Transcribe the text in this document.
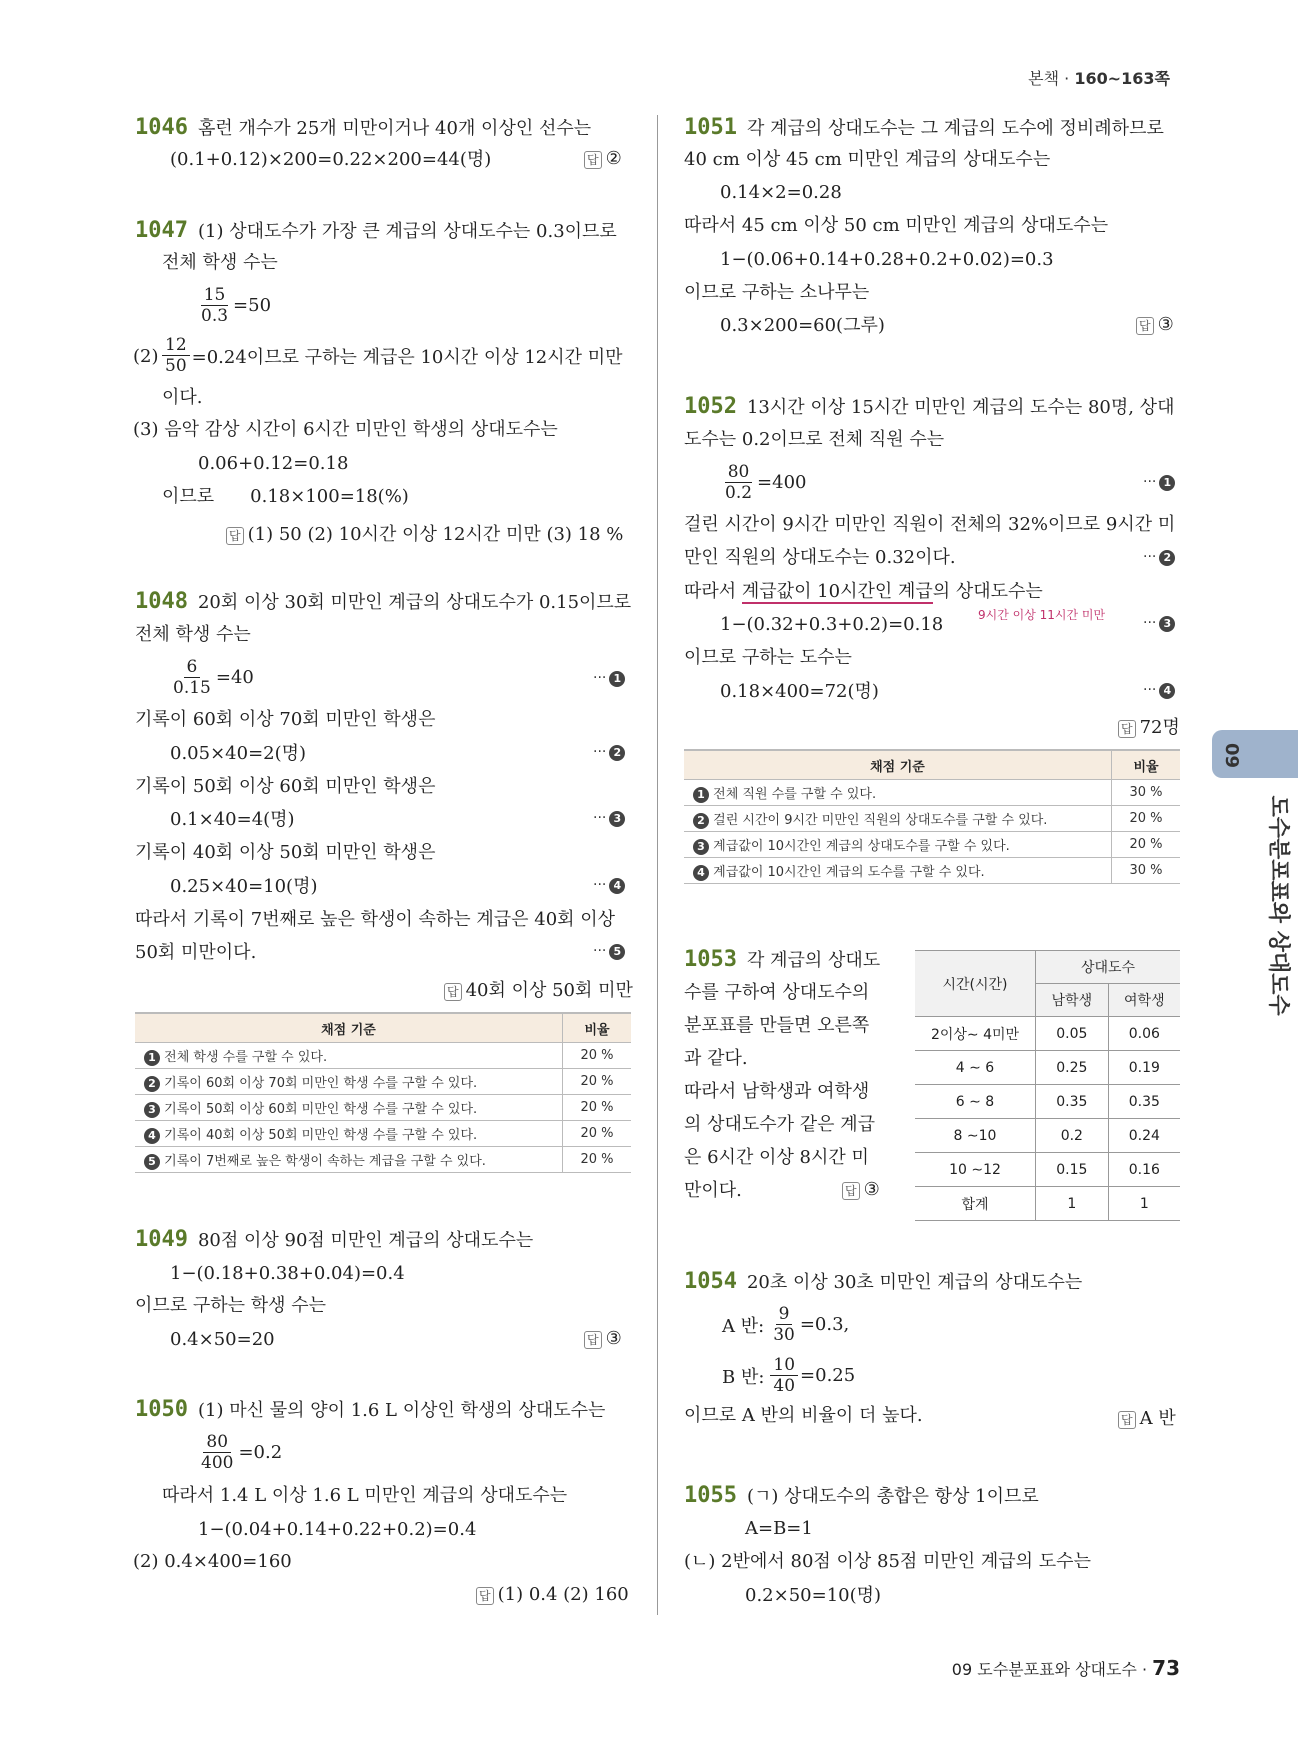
본책 · 160∼163쪽
1046 홈런 개수가 25개 미만이거나 40개 이상인 선수는
(0.1+0.12)×200=0.22×200=44(명)	답 ②
1047 (1) 상대도수가 가장 큰 계급의 상대도수는 0.3이므로
전체 학생 수는
$\frac{15}{0.3} =50$
$(2) \frac{12}{50} =0.24$이므로 구하는 계급은 10시간 이상 12시간 미만
이다.
(3) 음악 감상 시간이 6시간 미만인 학생의 상대도수는
0.06+0.12=0.18
이므로 0.18×100=18(%)
답 (1) 50 (2) 10시간 이상 12시간 미만 (3) 18 %
1048 20회 이상 30회 미만인 계급의 상대도수가 0.15이므로
전체 학생 수는
$\frac{6}{0.15} =40$	··· 1
기록이 60회 이상 70회 미만인 학생은
0.05×40=2(명)	··· 2
기록이 50회 이상 60회 미만인 학생은
0.1×40=4(명)	··· 3
기록이 40회 이상 50회 미만인 학생은
0.25×40=10(명)	··· 4
따라서 기록이 7번째로 높은 학생이 속하는 계급은 40회 이상
50회 미만이다.	··· 5
답 40회 이상 50회 미만
채점 기준	비율
1 전체 학생 수를 구할 수 있다.	20 %
2 기록이 60회 이상 70회 미만인 학생 수를 구할 수 있다.	20 %
3 기록이 50회 이상 60회 미만인 학생 수를 구할 수 있다.	20 %
4 기록이 40회 이상 50회 미만인 학생 수를 구할 수 있다.	20 %
5 기록이 7번째로 높은 학생이 속하는 계급을 구할 수 있다.	20 %
1049 80점 이상 90점 미만인 계급의 상대도수는
1−(0.18+0.38+0.04)=0.4
이므로 구하는 학생 수는
0.4×50=20	답 ③
1050 (1) 마신 물의 양이 1.6 L 이상인 학생의 상대도수는
$\frac{80}{400} =0.2$
따라서 1.4 L 이상 1.6 L 미만인 계급의 상대도수는
1−(0.04+0.14+0.22+0.2)=0.4
(2) 0.4×400=160
답 (1) 0.4 (2) 160
1051 각 계급의 상대도수는 그 계급의 도수에 정비례하므로
40 cm 이상 45 cm 미만인 계급의 상대도수는
0.14×2=0.28
따라서 45 cm 이상 50 cm 미만인 계급의 상대도수는
1−(0.06+0.14+0.28+0.2+0.02)=0.3
이므로 구하는 소나무는
0.3×200=60(그루)	답 ③
1052 13시간 이상 15시간 미만인 계급의 도수는 80명, 상대
도수는 0.2이므로 전체 직원 수는
$\frac{80}{0.2} =400$	··· 1
걸린 시간이 9시간 미만인 직원이 전체의 32%이므로 9시간 미
만인 직원의 상대도수는 0.32이다.	··· 2
따라서 계급값이 10시간인 계급의 상대도수는
9시간 이상 11시간 미만
1−(0.32+0.3+0.2)=0.18	··· 3
이므로 구하는 도수는
0.18×400=72(명)	··· 4
답 72명
채점 기준	비율
1 전체 직원 수를 구할 수 있다.	30 %
2 걸린 시간이 9시간 미만인 직원의 상대도수를 구할 수 있다.	20 %
3 계급값이 10시간인 계급의 상대도수를 구할 수 있다.	20 %
4 계급값이 10시간인 계급의 도수를 구할 수 있다.	30 %
1053 각 계급의 상대도
수를 구하여 상대도수의
분포표를 만들면 오른쪽
과 같다.
따라서 남학생과 여학생
의 상대도수가 같은 계급
은 6시간 이상 8시간 미
만이다.	답 ③
시간(시간)	상대도수	
	남학생	여학생
2이상∼ 4미만	0.05	0.06
4 ∼ 6	0.25	0.19
6 ∼ 8	0.35	0.35
8 ∼10	0.2	0.24
10 ∼12	0.15	0.16
합계	1	1
1054 20초 이상 30초 미만인 계급의 상대도수는
A 반: $\frac{9}{30} =0.3$,
B 반: $\frac{10}{40} =0.25$
이므로 A 반의 비율이 더 높다.	답 A 반
1055 (ㄱ) 상대도수의 총합은 항상 1이므로
A=B=1
(ㄴ) 2반에서 80점 이상 85점 미만인 계급의 도수는
0.2×50=10(명)
09
도수분포표와 상대도수
09 도수분포표와 상대도수 · 73
